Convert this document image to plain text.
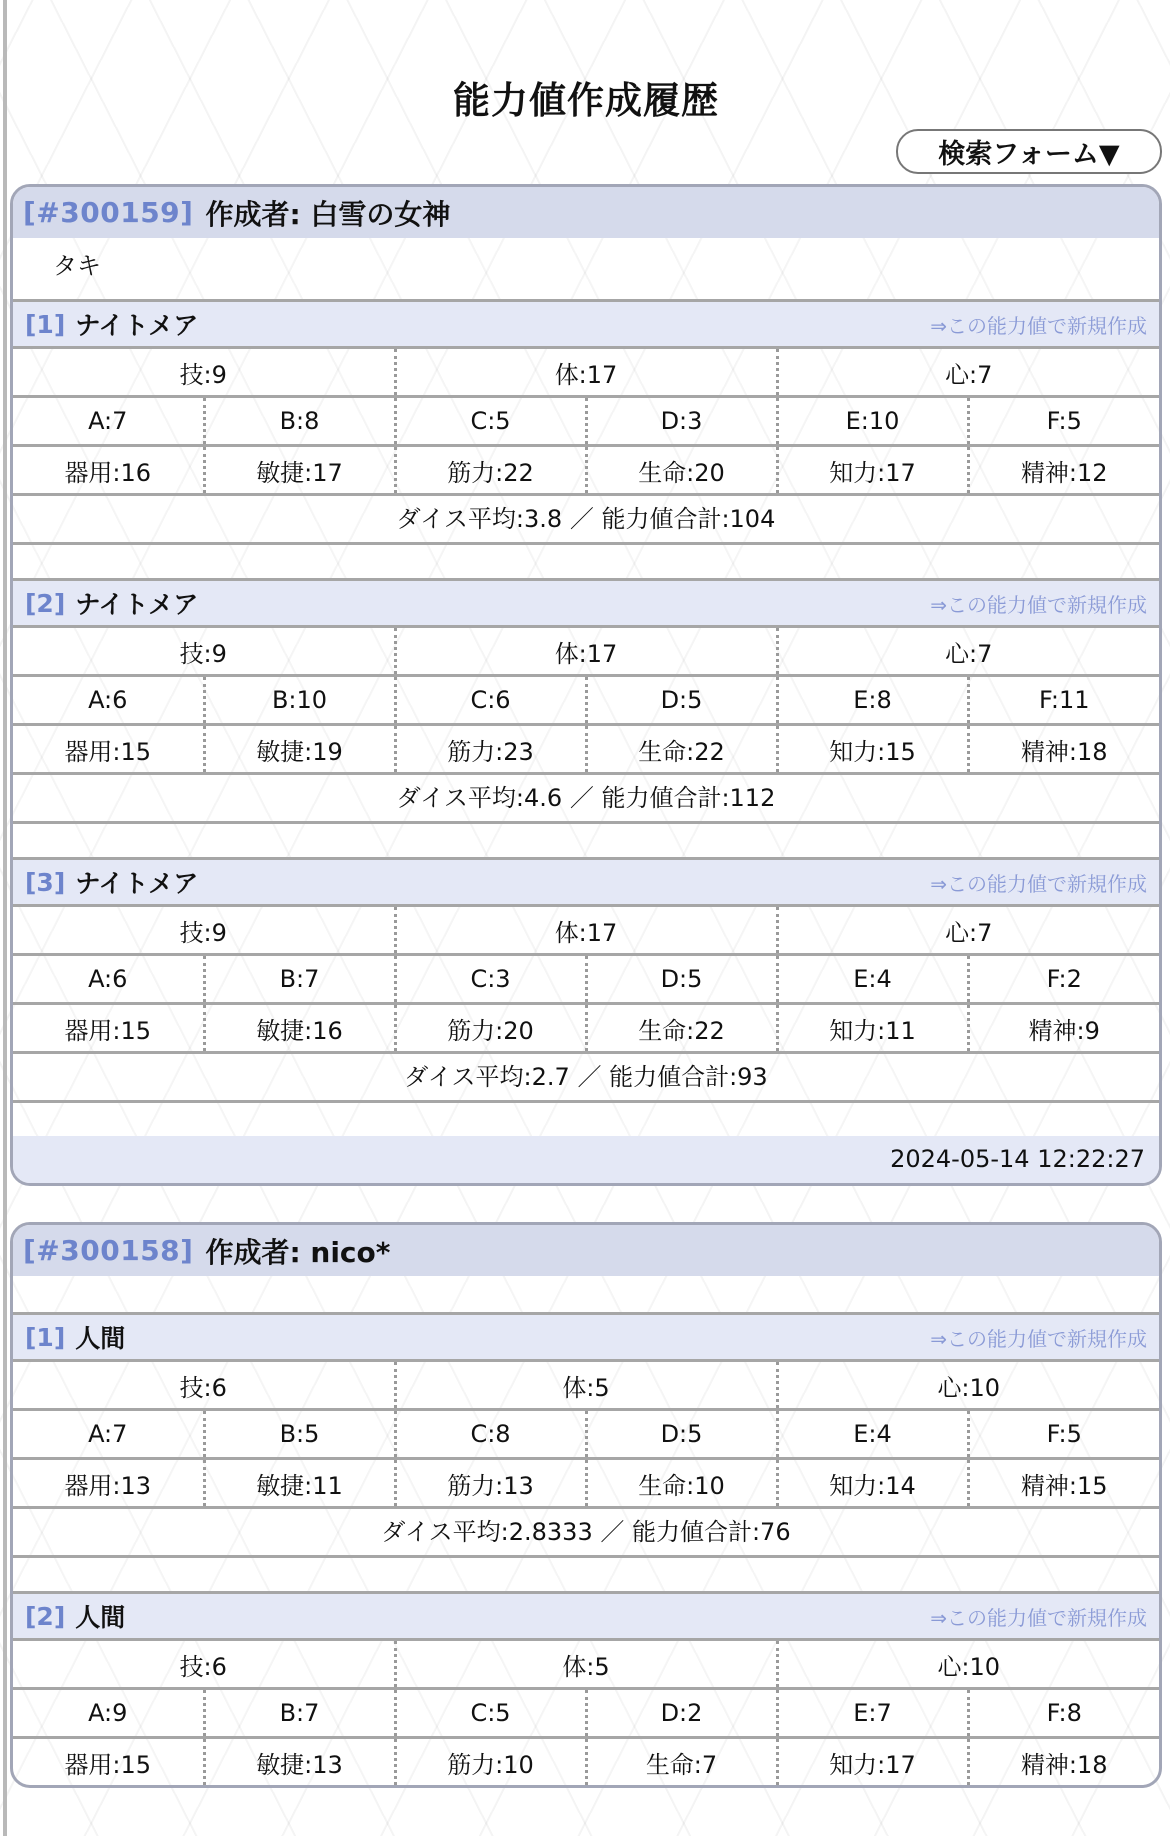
能力値作成履歴
検索フォーム▼
[#300159] 作成者: 白雪の女神
タキ
[1] ナイトメア	⇒この能力値で新規作成
技:9		体:17		心:7	
A:7	B:8	C:5	D:3	E:10	F:5
器用:16	敏捷:17	筋力:22	生命:20	知力:17	精神:12
ダイス平均:3.8 ／ 能力値合計:104
[2] ナイトメア	⇒この能力値で新規作成
技:9		体:17		心:7	
A:6	B:10	C:6	D:5	E:8	F:11
器用:15	敏捷:19	筋力:23	生命:22	知力:15	精神:18
ダイス平均:4.6 ／ 能力値合計:112
[3] ナイトメア	⇒この能力値で新規作成
技:9		体:17		心:7	
A:6	B:7	C:3	D:5	E:4	F:2
器用:15	敏捷:16	筋力:20	生命:22	知力:11	精神:9
ダイス平均:2.7 ／ 能力値合計:93
2024-05-14 12:22:27
[#300158] 作成者: nico*
[1] 人間	⇒この能力値で新規作成
技:6		体:5		心:10	
A:7	B:5	C:8	D:5	E:4	F:5
器用:13	敏捷:11	筋力:13	生命:10	知力:14	精神:15
ダイス平均:2.8333 ／ 能力値合計:76
[2] 人間	⇒この能力値で新規作成
技:6		体:5		心:10	
A:9	B:7	C:5	D:2	E:7	F:8
器用:15	敏捷:13	筋力:10	生命:7	知力:17	精神:18
